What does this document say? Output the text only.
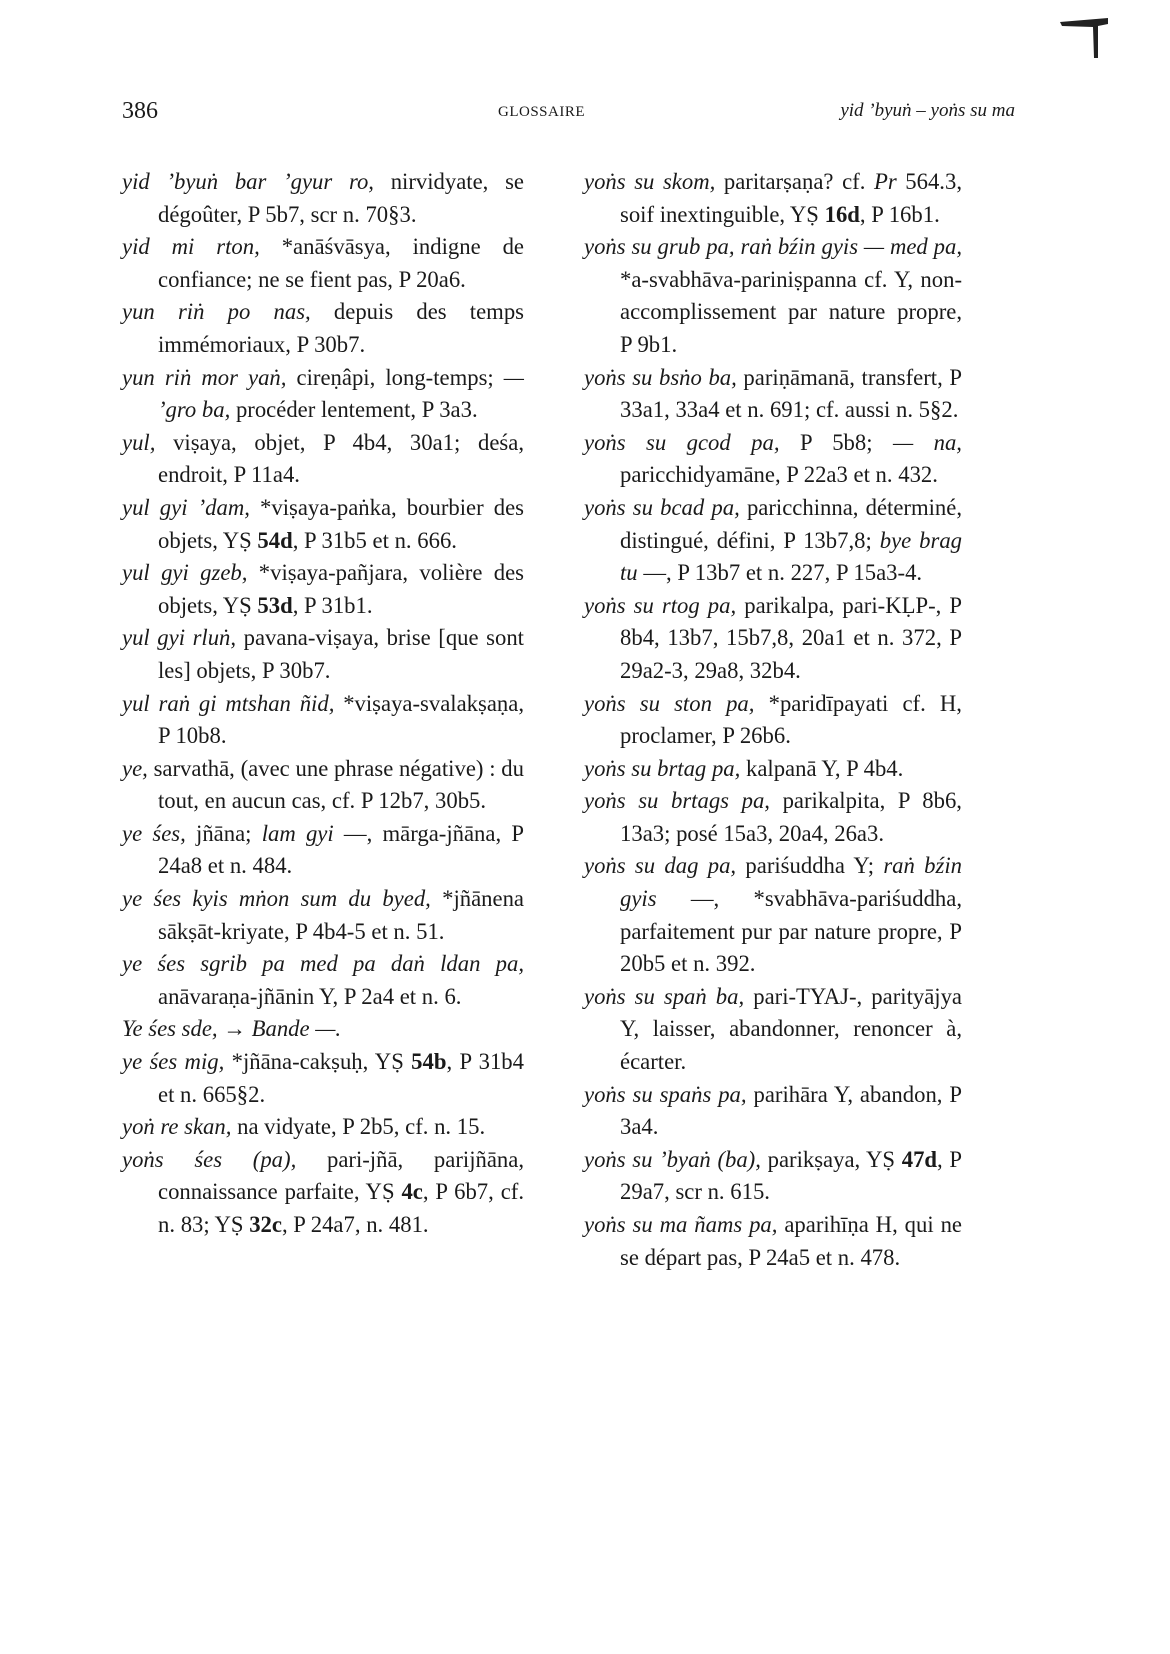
386	GLOSSAIRE	yid ’byuṅ – yoṅs su ma
yid ’byuṅ bar ’gyur ro, nirvidyate, se dégoûter, P 5b7, scr n. 70§3.
yid mi rton, *anāśvāsya, indigne de confiance; ne se fient pas, P 20a6.
yun riṅ po nas, depuis des temps immémoriaux, P 30b7.
yun riṅ mor yaṅ, cireṇâpi, long-temps; — ’gro ba, procéder lentement, P 3a3.
yul, viṣaya, objet, P 4b4, 30a1; deśa, endroit, P 11a4.
yul gyi ’dam, *viṣaya-paṅka, bourbier des objets, YṢ 54d, P 31b5 et n. 666.
yul gyi gzeb, *viṣaya-pañjara, volière des objets, YṢ 53d, P 31b1.
yul gyi rluṅ, pavana-viṣaya, brise [que sont les] objets, P 30b7.
yul raṅ gi mtshan ñid, *viṣaya-svalakṣaṇa, P 10b8.
ye, sarvathā, (avec une phrase négative) : du tout, en aucun cas, cf. P 12b7, 30b5.
ye śes, jñāna; lam gyi —, mārga-jñāna, P 24a8 et n. 484.
ye śes kyis mṅon sum du byed, *jñānena sākṣāt-kriyate, P 4b4-5 et n. 51.
ye śes sgrib pa med pa daṅ ldan pa, anāvaraṇa-jñānin Y, P 2a4 et n. 6.
Ye śes sde, → Bande —.
ye śes mig, *jñāna-cakṣuḥ, YṢ 54b, P 31b4 et n. 665§2.
yoṅ re skan, na vidyate, P 2b5, cf. n. 15.
yoṅs śes (pa), pari-jñā, parijñāna, connaissance parfaite, YṢ 4c, P 6b7, cf. n. 83; YṢ 32c, P 24a7, n. 481.
yoṅs su skom, paritarṣaṇa? cf. Pr 564.3, soif inextinguible, YṢ 16d, P 16b1.
yoṅs su grub pa, raṅ bźin gyis — med pa, *a-svabhāva-pariniṣpanna cf. Y, non-accomplissement par nature propre, P 9b1.
yoṅs su bsṅo ba, pariṇāmanā, transfert, P 33a1, 33a4 et n. 691; cf. aussi n. 5§2.
yoṅs su gcod pa, P 5b8; — na, paricchidyamāne, P 22a3 et n. 432.
yoṅs su bcad pa, paricchinna, déterminé, distingué, défini, P 13b7,8; bye brag tu —, P 13b7 et n. 227, P 15a3-4.
yoṅs su rtog pa, parikalpa, pari-KḶP-, P 8b4, 13b7, 15b7,8, 20a1 et n. 372, P 29a2-3, 29a8, 32b4.
yoṅs su ston pa, *paridīpayati cf. H, proclamer, P 26b6.
yoṅs su brtag pa, kalpanā Y, P 4b4.
yoṅs su brtags pa, parikalpita, P 8b6, 13a3; posé 15a3, 20a4, 26a3.
yoṅs su dag pa, pariśuddha Y; raṅ bźin gyis —, *svabhāva-pariśuddha, parfaitement pur par nature propre, P 20b5 et n. 392.
yoṅs su spaṅ ba, pari-TYAJ-, parityājya Y, laisser, abandonner, renoncer à, écarter.
yoṅs su spaṅs pa, parihāra Y, abandon, P 3a4.
yoṅs su ’byaṅ (ba), parikṣaya, YṢ 47d, P 29a7, scr n. 615.
yoṅs su ma ñams pa, aparihīṇa H, qui ne se départ pas, P 24a5 et n. 478.
